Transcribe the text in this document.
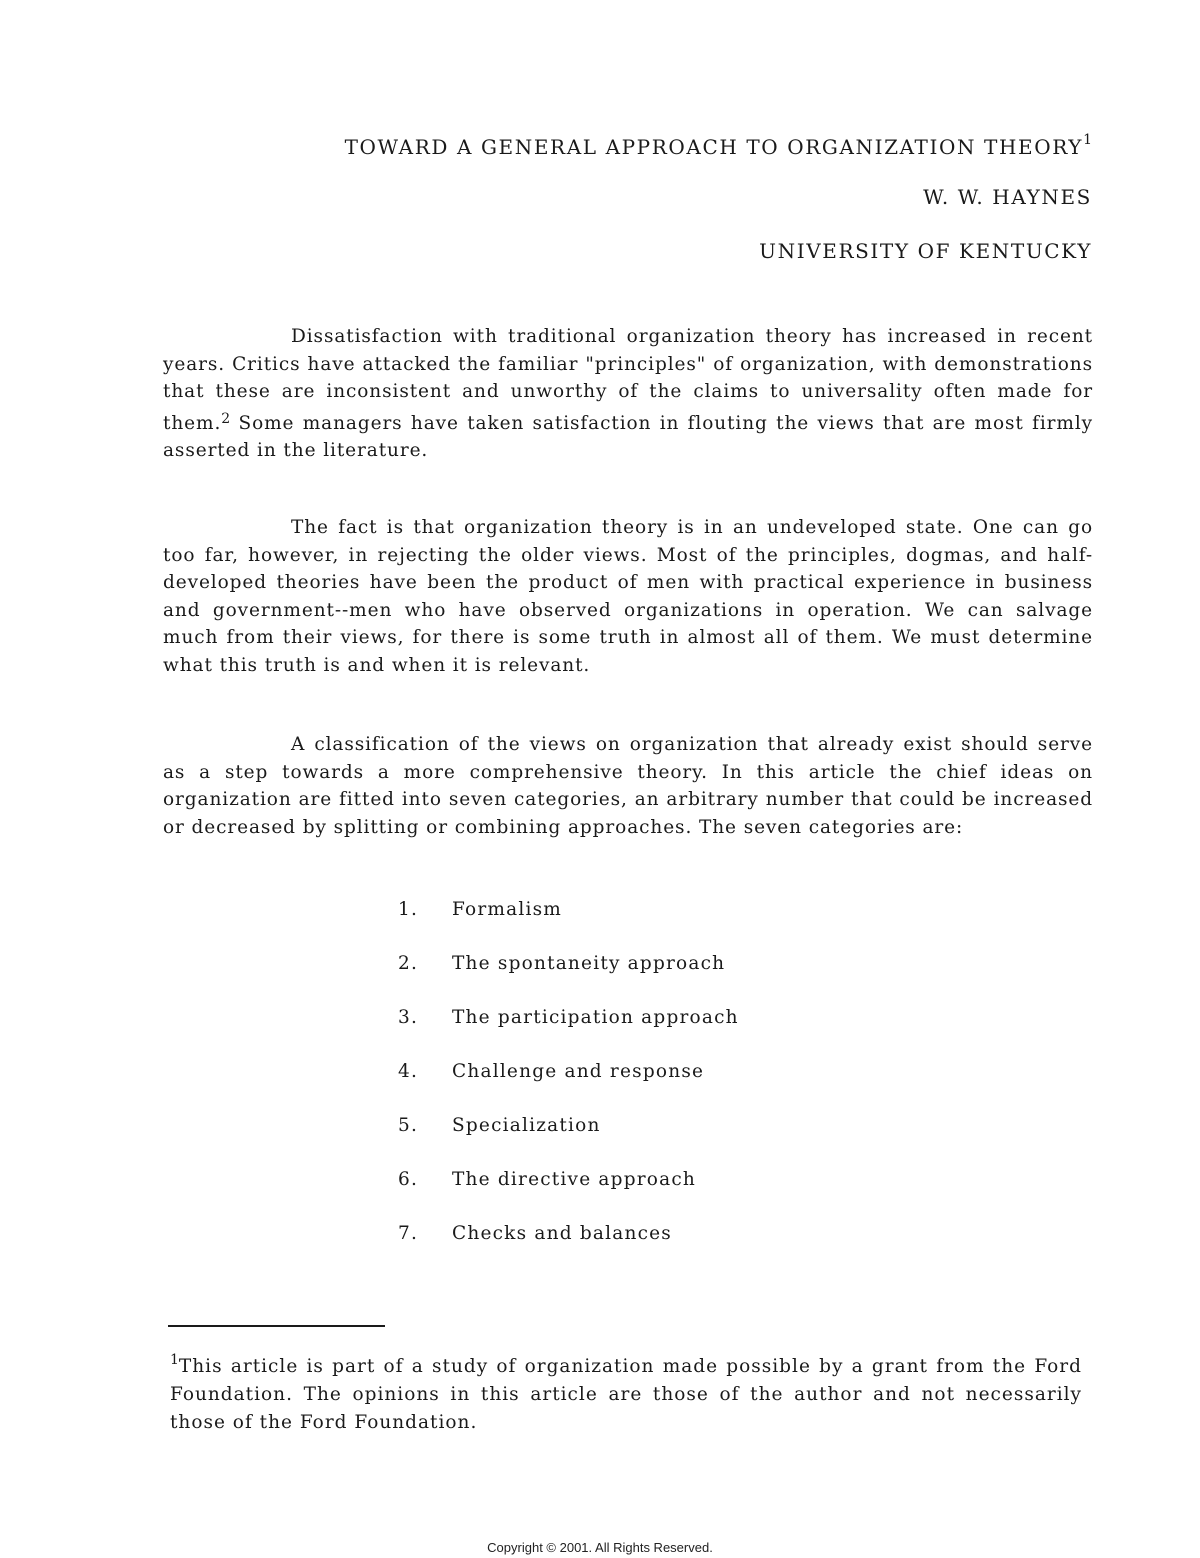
TOWARD A GENERAL APPROACH TO ORGANIZATION THEORY$^1$
W. W. HAYNES
UNIVERSITY OF KENTUCKY
Dissatisfaction with traditional organization theory has increased in recent years. Critics have attacked the familiar "principles" of organization, with demonstrations that these are inconsistent and unworthy of the claims to universality often made for them.$^2$ Some managers have taken satisfaction in flouting the views that are most firmly asserted in the literature.
The fact is that organization theory is in an undeveloped state. One can go too far, however, in rejecting the older views. Most of the principles, dogmas, and half-developed theories have been the product of men with practical experience in business and government--men who have observed organizations in operation. We can salvage much from their views, for there is some truth in almost all of them. We must determine what this truth is and when it is relevant.
A classification of the views on organization that already exist should serve as a step towards a more comprehensive theory. In this article the chief ideas on organization are fitted into seven categories, an arbitrary number that could be increased or decreased by splitting or combining approaches. The seven categories are:
1. Formalism
2. The spontaneity approach
3. The participation approach
4. Challenge and response
5. Specialization
6. The directive approach
7. Checks and balances
$^1$This article is part of a study of organization made possible by a grant from the Ford Foundation. The opinions in this article are those of the author and not necessarily those of the Ford Foundation.
Copyright © 2001. All Rights Reserved.
